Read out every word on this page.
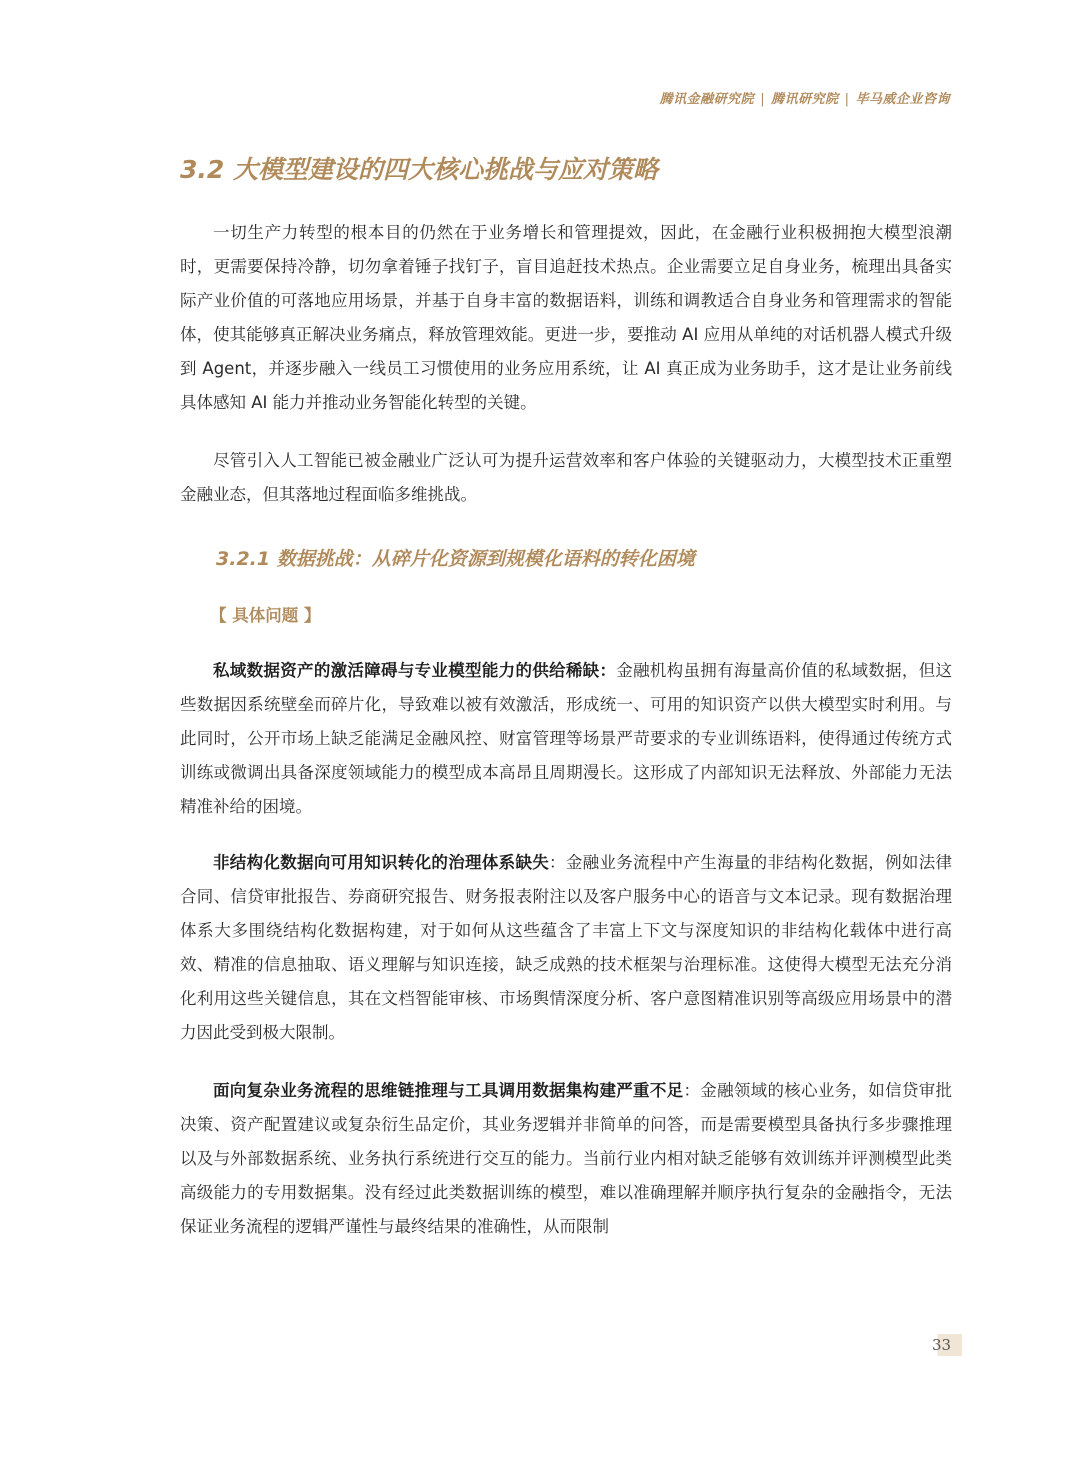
腾讯金融研究院 | 腾讯研究院 | 毕马威企业咨询
3.2 大模型建设的四大核心挑战与应对策略

一切生产力转型的根本目的仍然在于业务增长和管理提效，因此，在金融行业积极拥抱大模型浪潮时，更需要保持冷静，切勿拿着锤子找钉子，盲目追赶技术热点。企业需要立足自身业务，梳理出具备实际产业价值的可落地应用场景，并基于自身丰富的数据语料，训练和调教适合自身业务和管理需求的智能体，使其能够真正解决业务痛点，释放管理效能。更进一步，要推动 AI 应用从单纯的对话机器人模式升级到 Agent，并逐步融入一线员工习惯使用的业务应用系统，让 AI 真正成为业务助手，这才是让业务前线具体感知 AI 能力并推动业务智能化转型的关键。

尽管引入人工智能已被金融业广泛认可为提升运营效率和客户体验的关键驱动力，大模型技术正重塑金融业态，但其落地过程面临多维挑战。

3.2.1 数据挑战：从碎片化资源到规模化语料的转化困境
【 具体问题 】

私域数据资产的激活障碍与专业模型能力的供给稀缺：金融机构虽拥有海量高价值的私域数据，但这些数据因系统壁垒而碎片化，导致难以被有效激活，形成统一、可用的知识资产以供大模型实时利用。与此同时，公开市场上缺乏能满足金融风控、财富管理等场景严苛要求的专业训练语料，使得通过传统方式训练或微调出具备深度领域能力的模型成本高昂且周期漫长。这形成了内部知识无法释放、外部能力无法精准补给的困境。

非结构化数据向可用知识转化的治理体系缺失：金融业务流程中产生海量的非结构化数据，例如法律合同、信贷审批报告、券商研究报告、财务报表附注以及客户服务中心的语音与文本记录。现有数据治理体系大多围绕结构化数据构建，对于如何从这些蕴含了丰富上下文与深度知识的非结构化载体中进行高效、精准的信息抽取、语义理解与知识连接，缺乏成熟的技术框架与治理标准。这使得大模型无法充分消化利用这些关键信息，其在文档智能审核、市场舆情深度分析、客户意图精准识别等高级应用场景中的潜力因此受到极大限制。

面向复杂业务流程的思维链推理与工具调用数据集构建严重不足：金融领域的核心业务，如信贷审批决策、资产配置建议或复杂衍生品定价，其业务逻辑并非简单的问答，而是需要模型具备执行多步骤推理以及与外部数据系统、业务执行系统进行交互的能力。当前行业内相对缺乏能够有效训练并评测模型此类高级能力的专用数据集。没有经过此类数据训练的模型，难以准确理解并顺序执行复杂的金融指令，无法保证业务流程的逻辑严谨性与最终结果的准确性，从而限制

33
